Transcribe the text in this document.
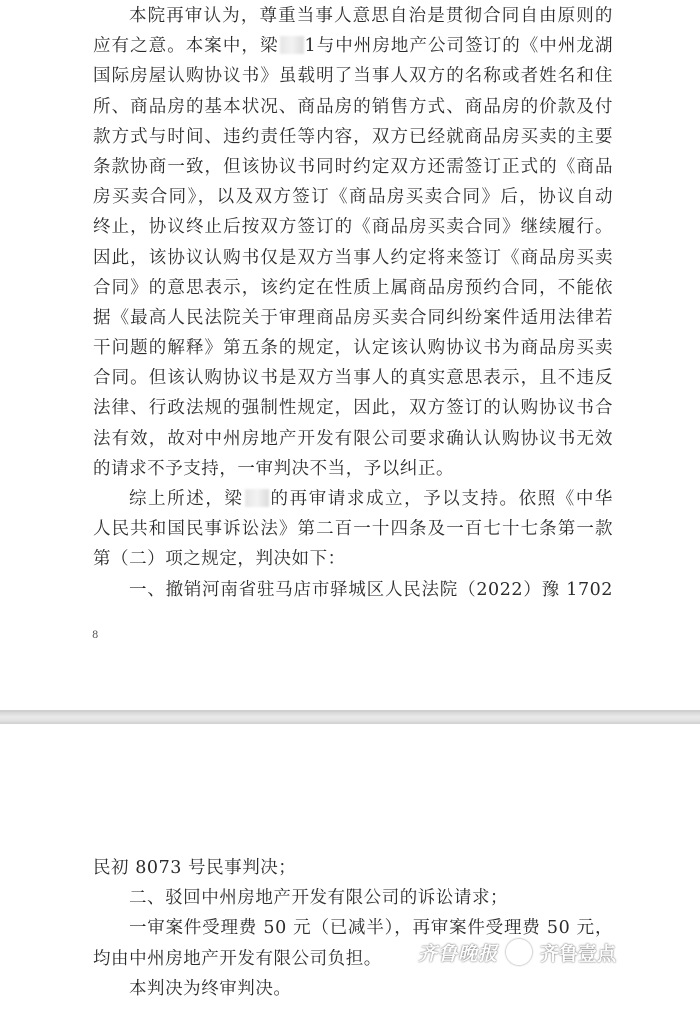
本院再审认为，尊重当事人意思自治是贯彻合同自由原则的
应有之意。本案中，梁 1与中州房地产公司签订的《中州龙湖
国际房屋认购协议书》虽载明了当事人双方的名称或者姓名和住
所、商品房的基本状况、商品房的销售方式、商品房的价款及付
款方式与时间、违约责任等内容，双方已经就商品房买卖的主要
条款协商一致，但该协议书同时约定双方还需签订正式的《商品
房买卖合同》，以及双方签订《商品房买卖合同》后，协议自动
终止，协议终止后按双方签订的《商品房买卖合同》继续履行。
因此，该协议认购书仅是双方当事人约定将来签订《商品房买卖
合同》的意思表示，该约定在性质上属商品房预约合同，不能依
据《最高人民法院关于审理商品房买卖合同纠纷案件适用法律若
干问题的解释》第五条的规定，认定该认购协议书为商品房买卖
合同。但该认购协议书是双方当事人的真实意思表示，且不违反
法律、行政法规的强制性规定，因此，双方签订的认购协议书合
法有效，故对中州房地产开发有限公司要求确认认购协议书无效
的请求不予支持，一审判决不当，予以纠正。
综上所述，梁 的再审请求成立，予以支持。依照《中华
人民共和国民事诉讼法》第二百一十四条及一百七十七条第一款
第（二）项之规定，判决如下：
一、撤销河南省驻马店市驿城区人民法院（2022）豫 1702
8
民初 8073 号民事判决；
二、驳回中州房地产开发有限公司的诉讼请求；
一审案件受理费 50 元（已减半），再审案件受理费 50 元，
均由中州房地产开发有限公司负担。
本判决为终审判决。
齐鲁晚报 齐鲁壹点
